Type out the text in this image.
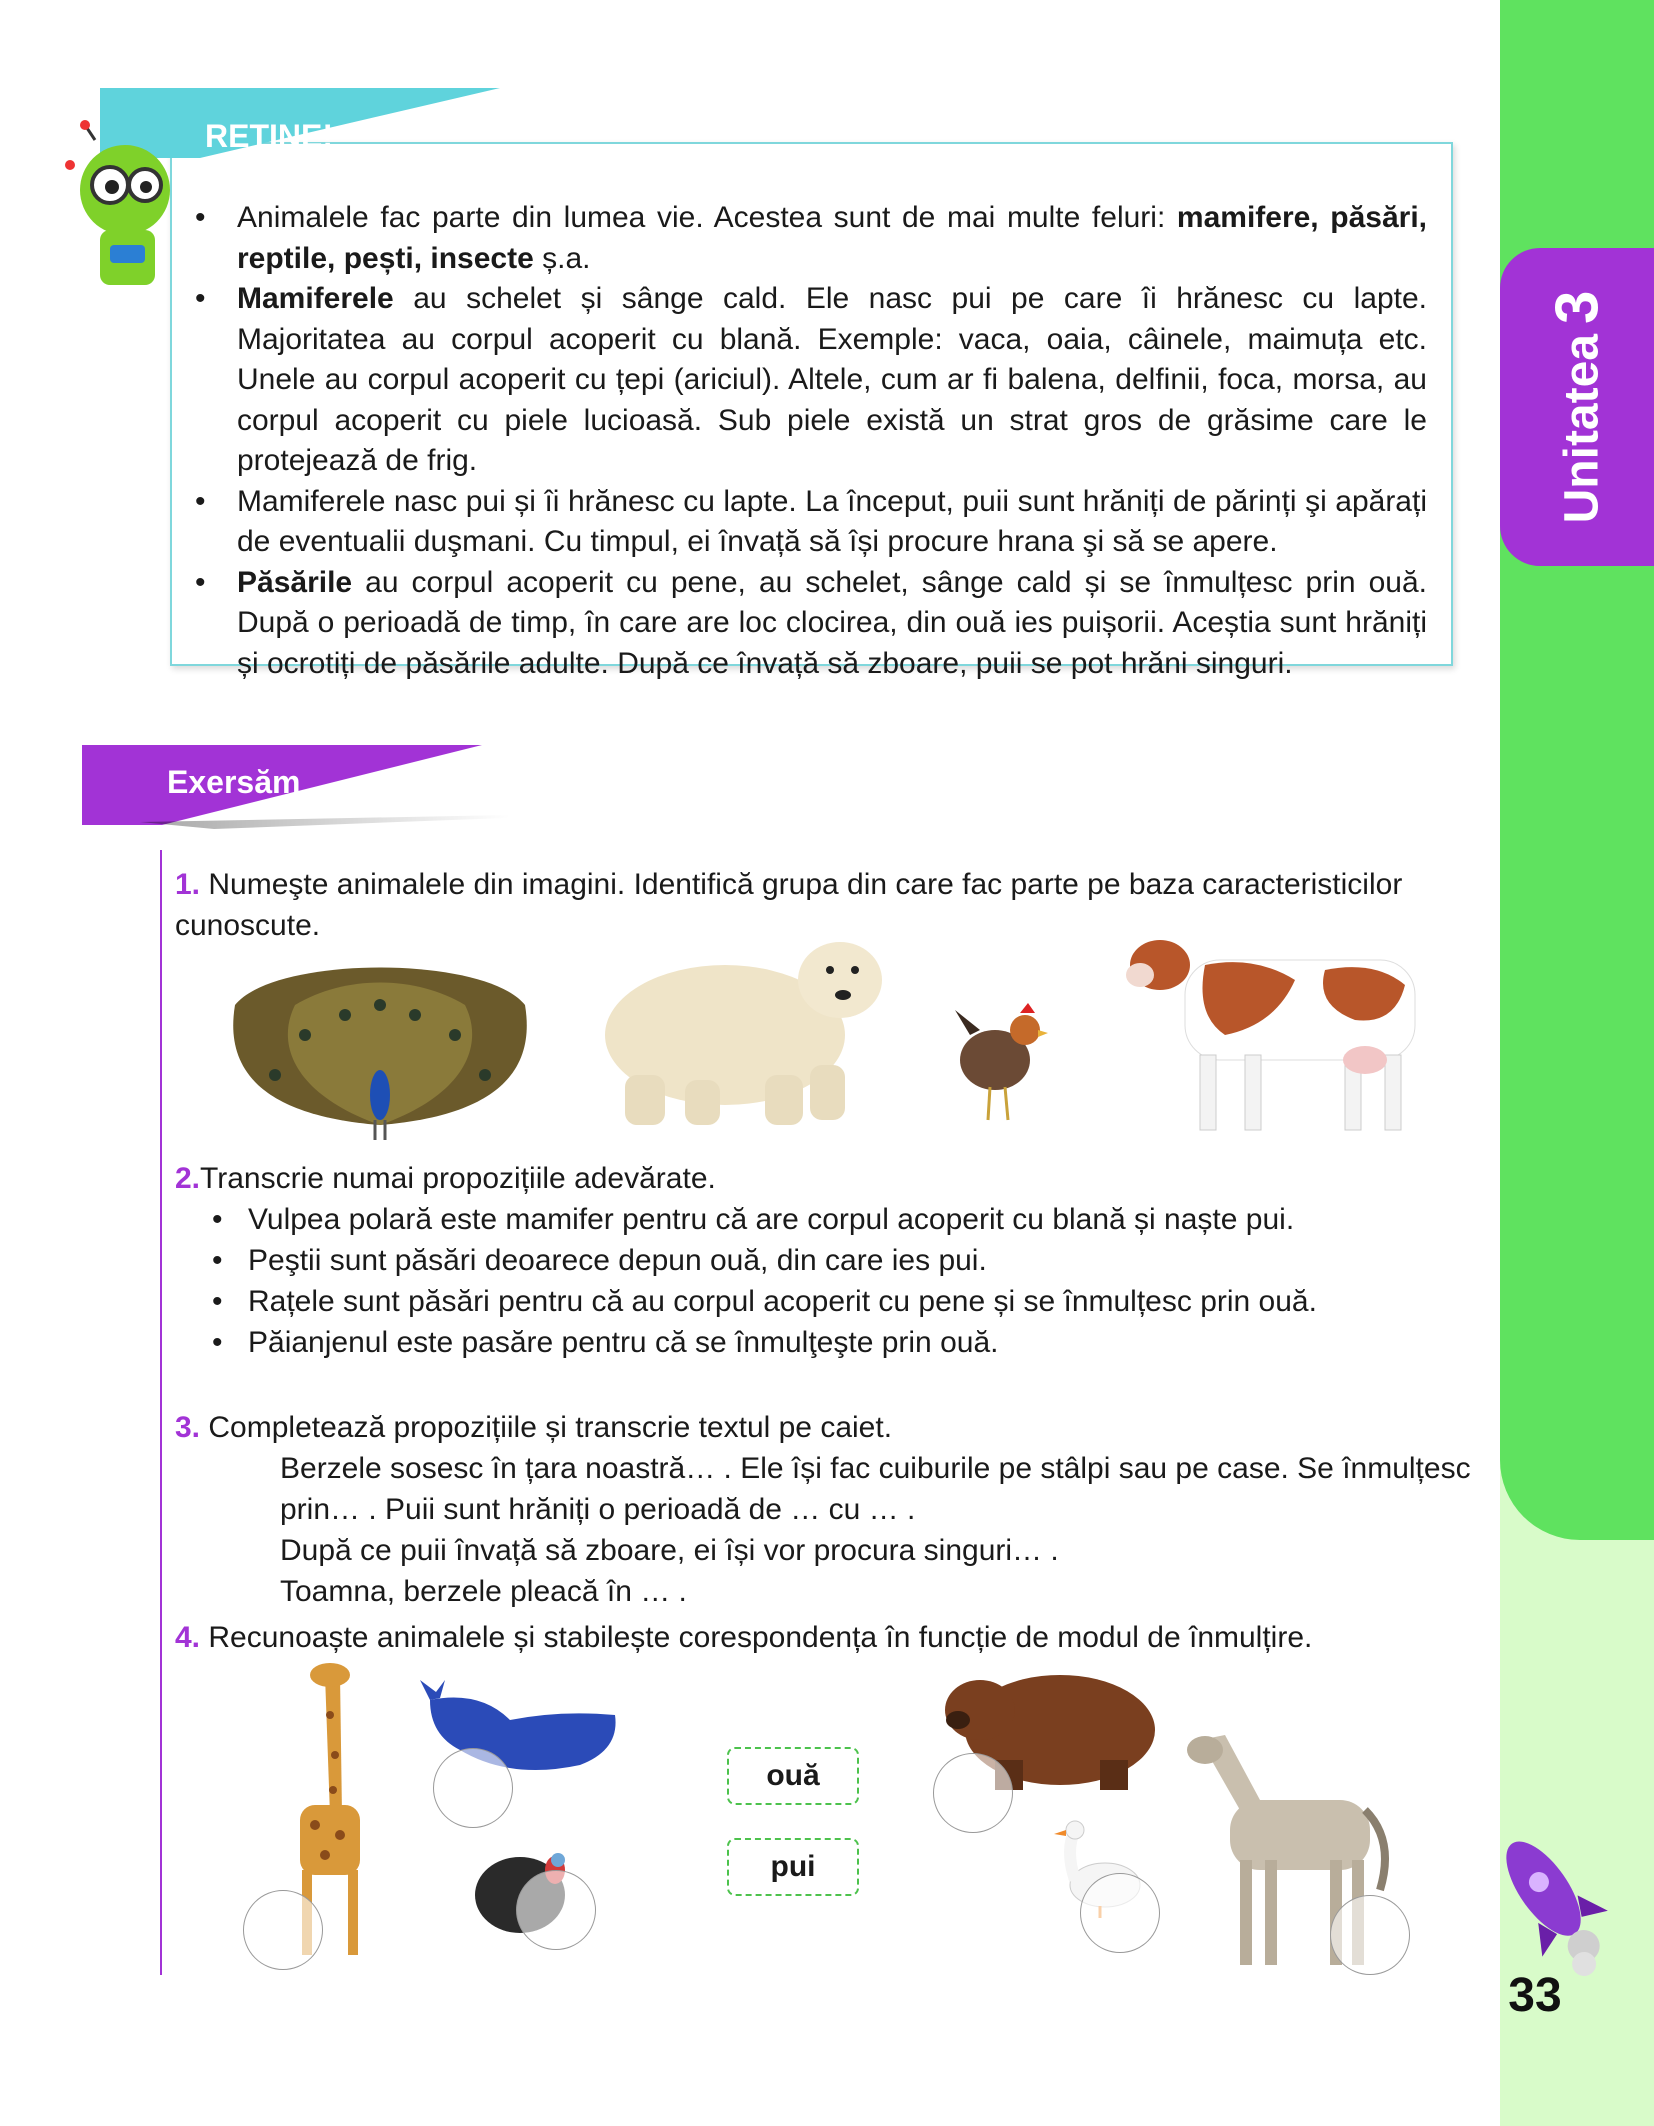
Unitatea3
33
REȚINE!
• Animalele fac parte din lumea vie. Acestea sunt de mai multe feluri: mamifere, păsări, reptile, pești, insecte ș.a.
• Mamiferele au schelet și sânge cald. Ele nasc pui pe care îi hrănesc cu lapte. Majoritatea au corpul acoperit cu blană. Exemple: vaca, oaia, câinele, maimuța etc. Unele au corpul acoperit cu țepi (ariciul). Altele, cum ar fi balena, delfinii, foca, morsa, au corpul acoperit cu piele lucioasă. Sub piele există un strat gros de grăsime care le protejează de frig.
• Mamiferele nasc pui și îi hrănesc cu lapte. La început, puii sunt hrăniți de părinți şi apărați de eventualii duşmani. Cu timpul, ei învață să își procure hrana şi să se apere.
• Păsările au corpul acoperit cu pene, au schelet, sânge cald și se înmulțesc prin ouă. După o perioadă de timp, în care are loc clocirea, din ouă ies puișorii. Aceștia sunt hrăniți și ocrotiți de păsările adulte. După ce învață să zboare, puii se pot hrăni singuri.
Exersăm
1. Numeşte animalele din imagini. Identifică grupa din care fac parte pe baza caracteristicilor cunoscute.
2.Transcrie numai propozițiile adevărate.
• Vulpea polară este mamifer pentru că are corpul acoperit cu blană și naște pui.
• Peştii sunt păsări deoarece depun ouă, din care ies pui.
• Rațele sunt păsări pentru că au corpul acoperit cu pene și se înmulțesc prin ouă.
• Păianjenul este pasăre pentru că se înmulţeşte prin ouă.
3. Completează propozițiile și transcrie textul pe caiet.
Berzele sosesc în țara noastră… . Ele își fac cuiburile pe stâlpi sau pe case. Se înmulțesc
prin… . Puii sunt hrăniți o perioadă de … cu … .
După ce puii învață să zboare, ei își vor procura singuri… .
Toamna, berzele pleacă în … .
4. Recunoaște animalele și stabilește corespondența în funcție de modul de înmulțire.
ouă
pui
